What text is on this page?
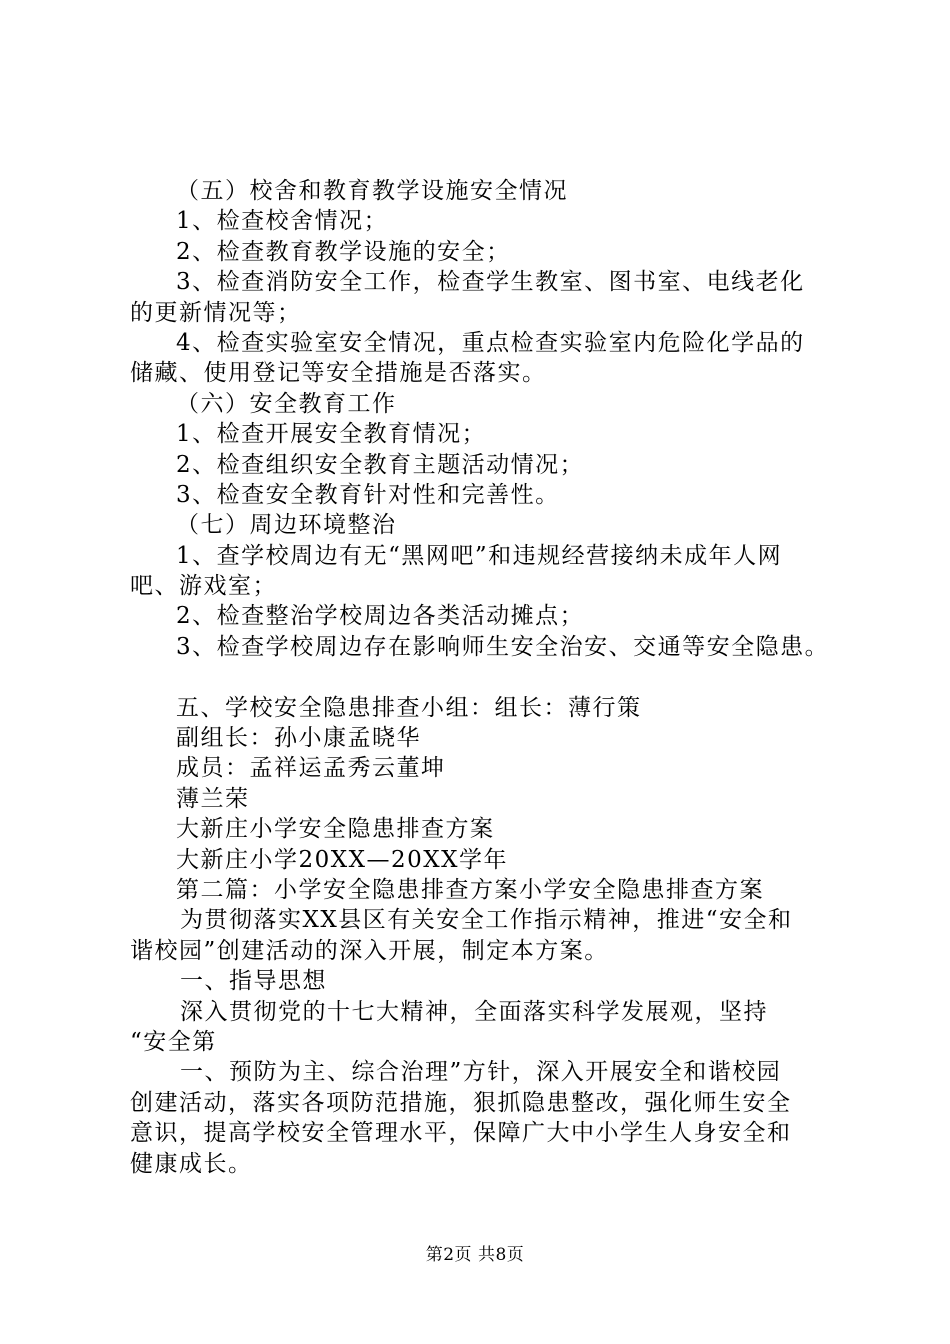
（五）校舍和教育教学设施安全情况
1、检查校舍情况；
2、检查教育教学设施的安全；
3、检查消防安全工作，检查学生教室、图书室、电线老化
的更新情况等；
4、检查实验室安全情况，重点检查实验室内危险化学品的
储藏、使用登记等安全措施是否落实。
（六）安全教育工作
1、检查开展安全教育情况；
2、检查组织安全教育主题活动情况；
3、检查安全教育针对性和完善性。
（七）周边环境整治
1、查学校周边有无“黑网吧”和违规经营接纳未成年人网
吧、游戏室；
2、检查整治学校周边各类活动摊点；
3、检查学校周边存在影响师生安全治安、交通等安全隐患。
五、学校安全隐患排查小组：组长：薄行策
副组长：孙小康孟晓华
成员：孟祥运孟秀云董坤
薄兰荣
大新庄小学安全隐患排查方案
大新庄小学20XX—20XX学年
第二篇：小学安全隐患排查方案小学安全隐患排查方案
为贯彻落实XX县区有关安全工作指示精神，推进“安全和
谐校园”创建活动的深入开展，制定本方案。
一、指导思想
深入贯彻党的十七大精神，全面落实科学发展观，坚持
“安全第
一、预防为主、综合治理”方针，深入开展安全和谐校园
创建活动，落实各项防范措施，狠抓隐患整改，强化师生安全
意识，提高学校安全管理水平，保障广大中小学生人身安全和
健康成长。
第2页 共8页
